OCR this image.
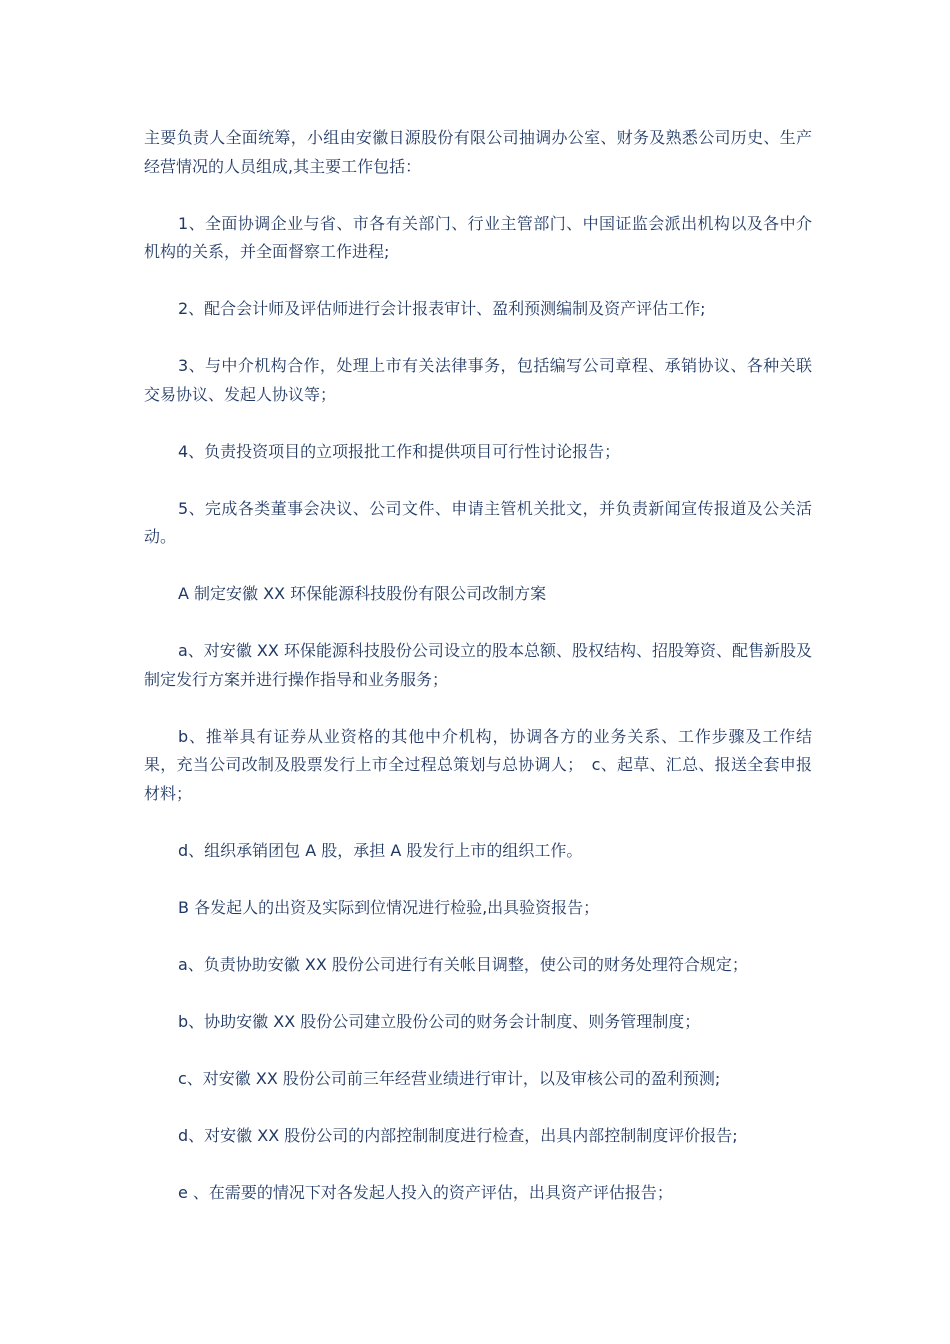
主要负责人全面统筹，小组由安徽日源股份有限公司抽调办公室、财务及熟悉公司历史、生产经营情况的人员组成,其主要工作包括：

1、全面协调企业与省、市各有关部门、行业主管部门、中国证监会派出机构以及各中介机构的关系，并全面督察工作进程;

2、配合会计师及评估师进行会计报表审计、盈利预测编制及资产评估工作;

3、与中介机构合作，处理上市有关法律事务，包括编写公司章程、承销协议、各种关联交易协议、发起人协议等；

4、负责投资项目的立项报批工作和提供项目可行性讨论报告；

5、完成各类董事会决议、公司文件、申请主管机关批文，并负责新闻宣传报道及公关活动。

A 制定安徽 XX 环保能源科技股份有限公司改制方案

a、对安徽 XX 环保能源科技股份公司设立的股本总额、股权结构、招股筹资、配售新股及制定发行方案并进行操作指导和业务服务；

b、推举具有证券从业资格的其他中介机构，协调各方的业务关系、工作步骤及工作结果，充当公司改制及股票发行上市全过程总策划与总协调人；　c、起草、汇总、报送全套申报材料；

d、组织承销团包 A 股，承担 A 股发行上市的组织工作。

B 各发起人的出资及实际到位情况进行检验,出具验资报告；

a、负责协助安徽 XX 股份公司进行有关帐目调整，使公司的财务处理符合规定；

b、协助安徽 XX 股份公司建立股份公司的财务会计制度、则务管理制度；

c、对安徽 XX 股份公司前三年经营业绩进行审计，以及审核公司的盈利预测;

d、对安徽 XX 股份公司的内部控制制度进行检查，出具内部控制制度评价报告;

e 、在需要的情况下对各发起人投入的资产评估，出具资产评估报告；
